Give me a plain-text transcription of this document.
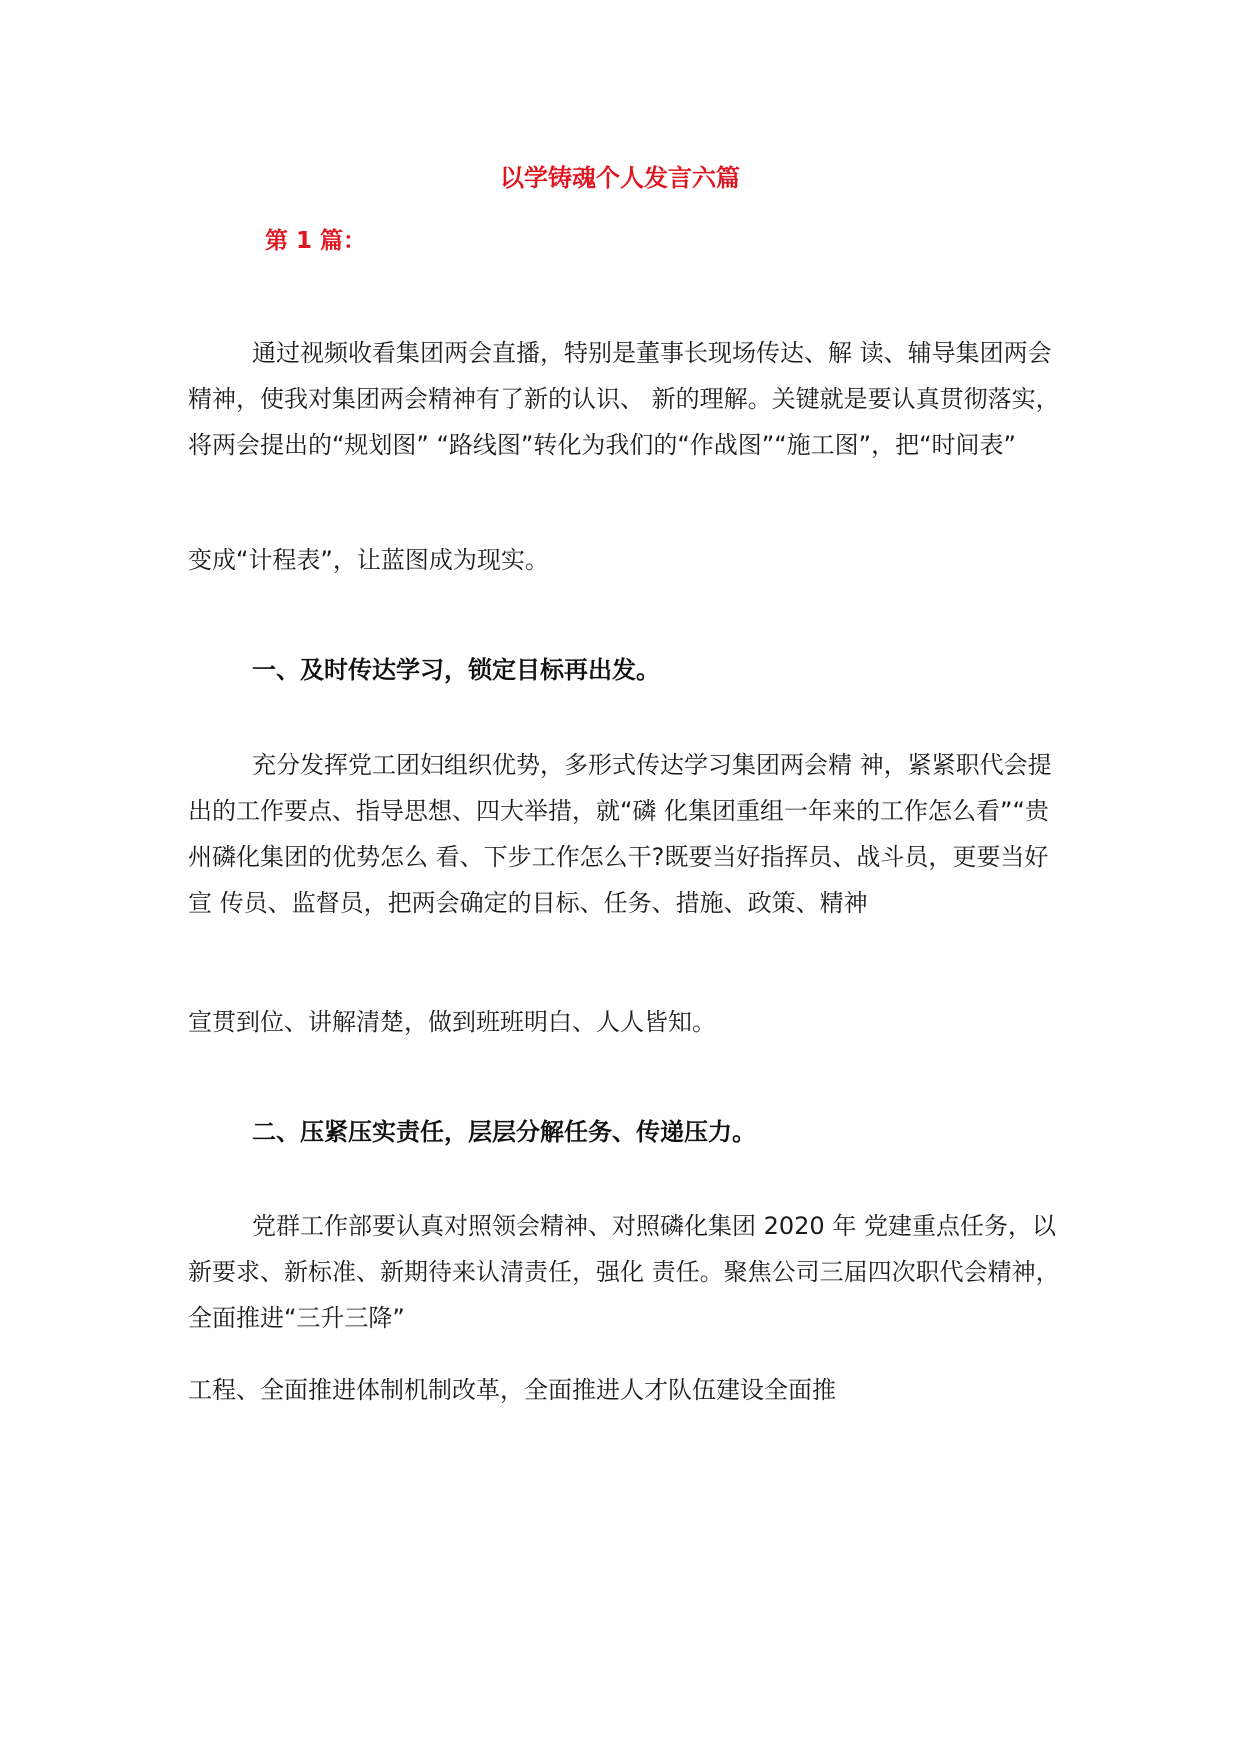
以学铸魂个人发言六篇
第 1 篇：

通过视频收看集团两会直播，特别是董事长现场传达、解 读、辅导集团两会精神，使我对集团两会精神有了新的认识、 新的理解。关键就是要认真贯彻落实，将两会提出的“规划图” “路线图”转化为我们的“作战图”“施工图”，把“时间表”

变成“计程表”，让蓝图成为现实。
一、及时传达学习，锁定目标再出发。

充分发挥党工团妇组织优势，多形式传达学习集团两会精 神，紧紧职代会提出的工作要点、指导思想、四大举措，就“磷 化集团重组一年来的工作怎么看”“贵州磷化集团的优势怎么 看、下步工作怎么干?既要当好指挥员、战斗员，更要当好宣 传员、监督员，把两会确定的目标、任务、措施、政策、精神

宣贯到位、讲解清楚，做到班班明白、人人皆知。
二、压紧压实责任，层层分解任务、传递压力。

党群工作部要认真对照领会精神、对照磷化集团 2020 年 党建重点任务，以新要求、新标准、新期待来认清责任，强化 责任。聚焦公司三届四次职代会精神，全面推进“三升三降”

工程、全面推进体制机制改革，全面推进人才队伍建设全面推
